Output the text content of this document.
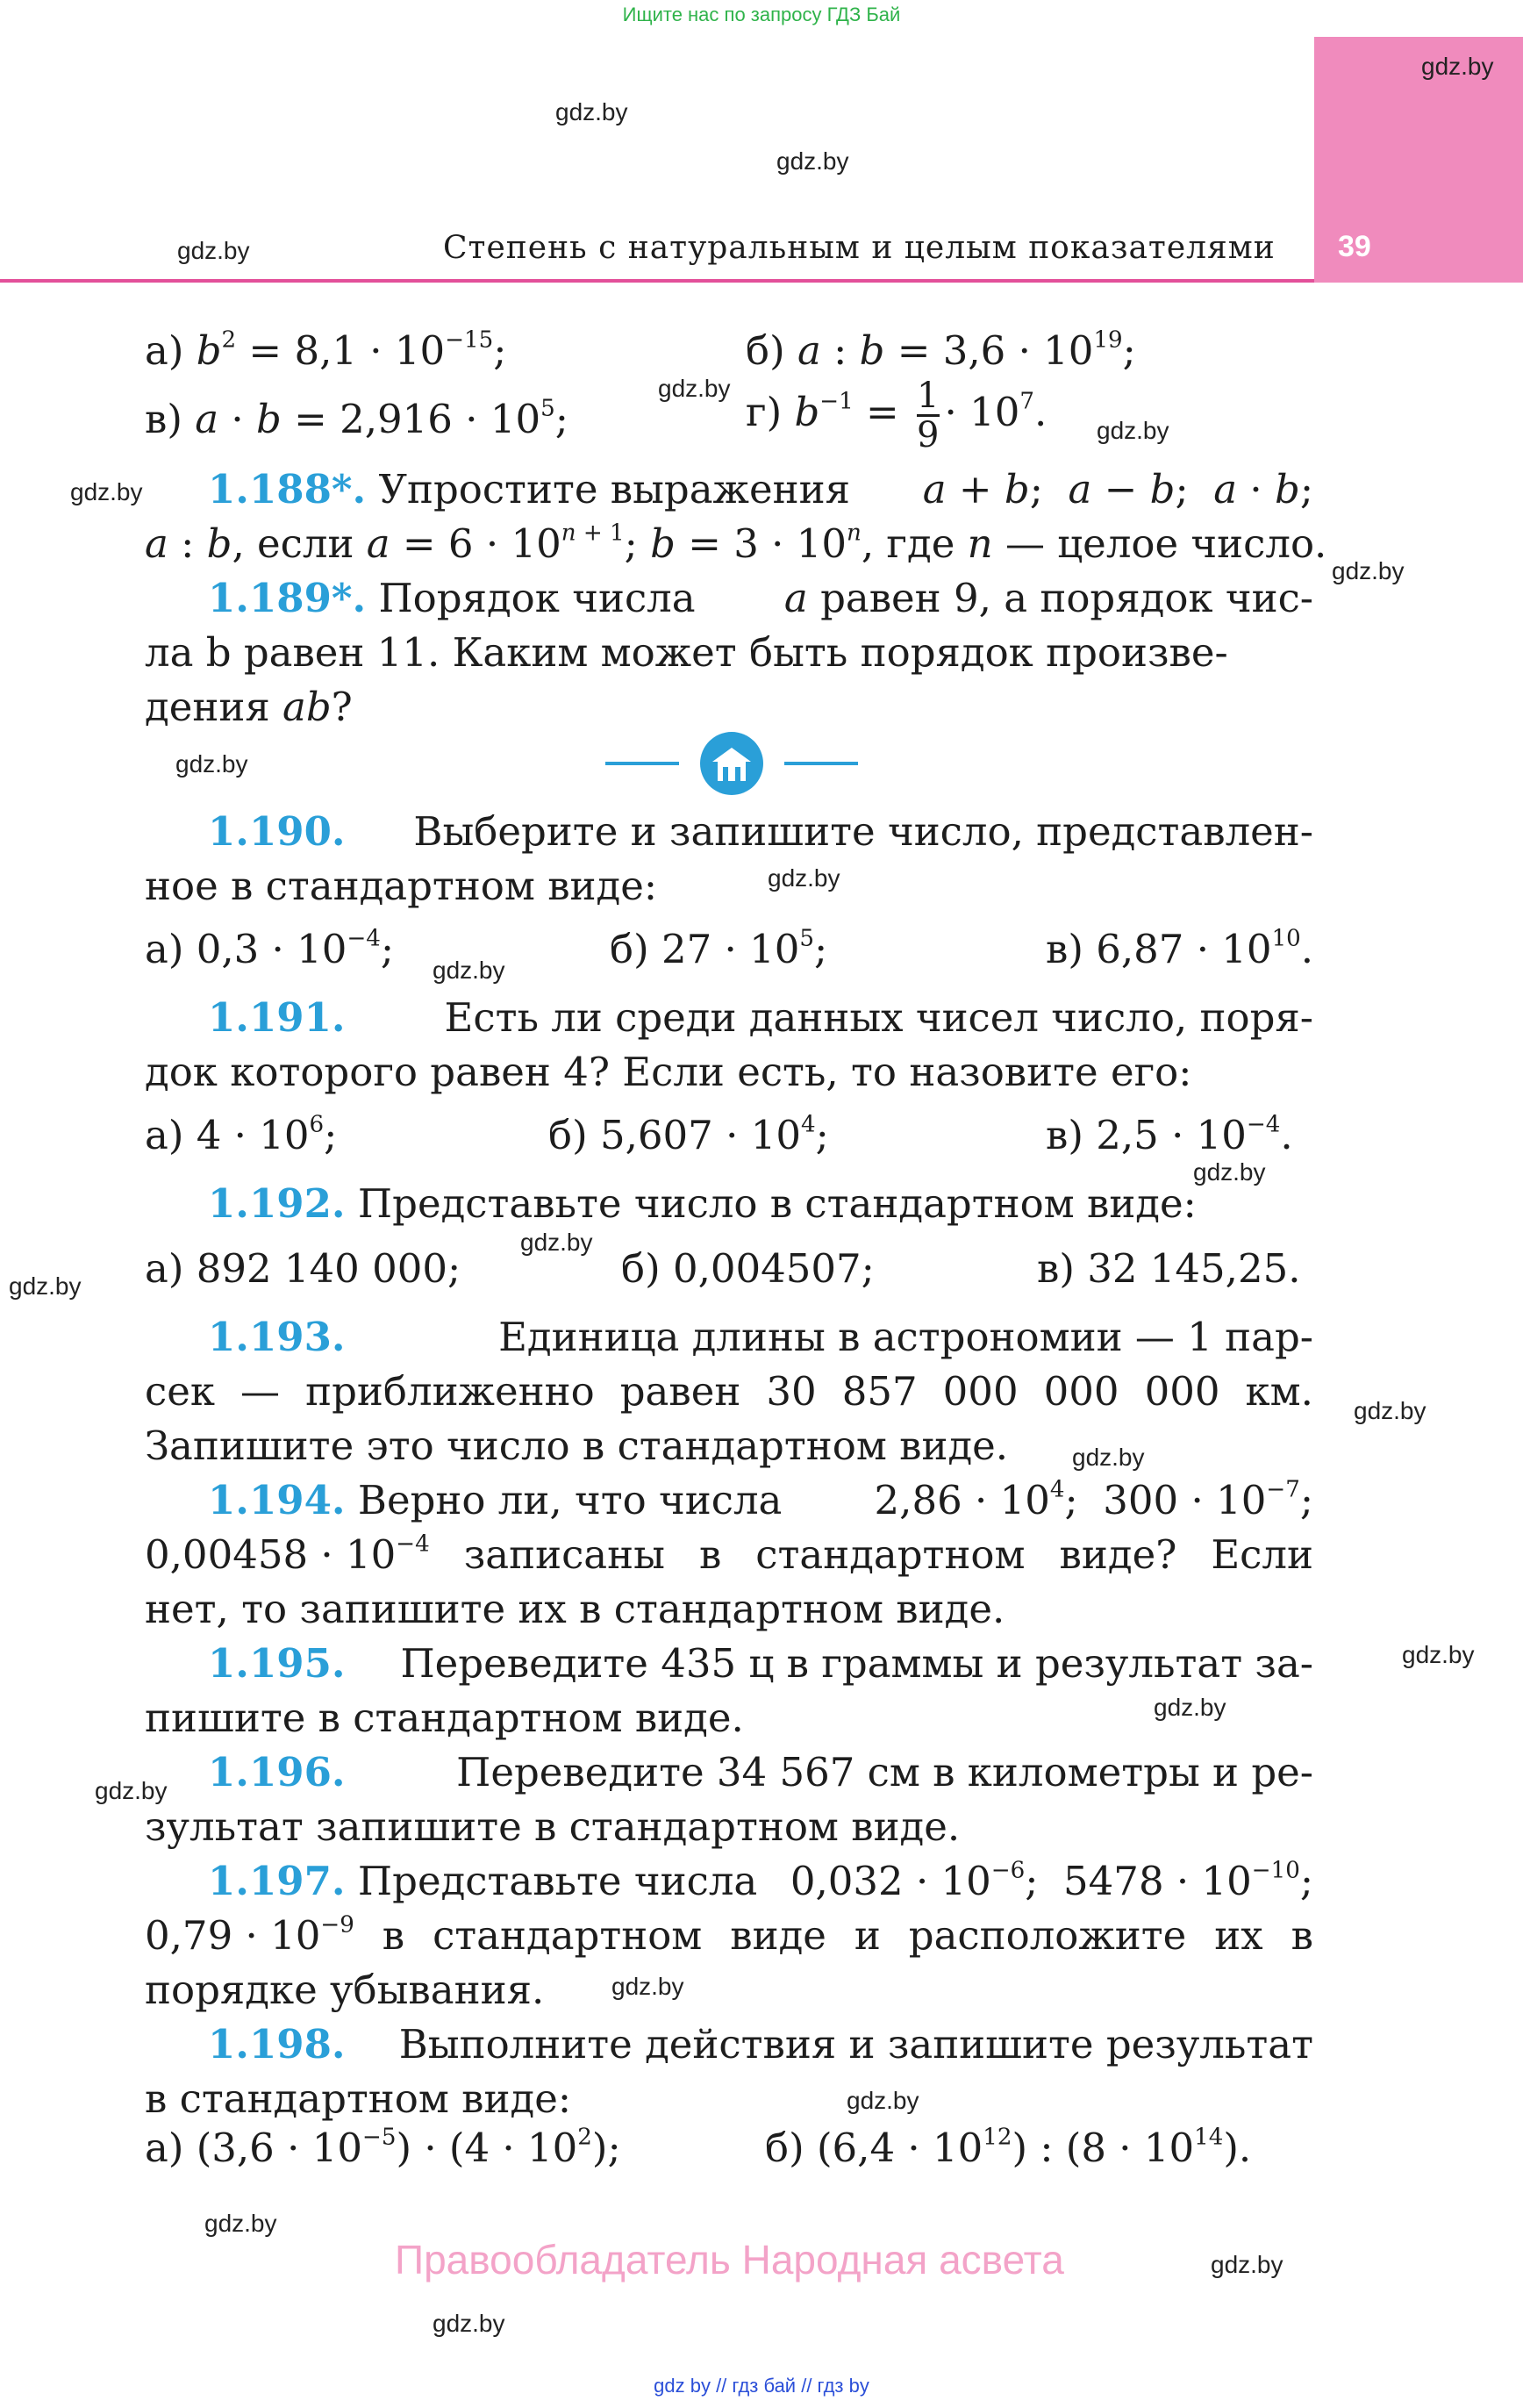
Ищите нас по запросу ГДЗ Бай
39
Степень с натуральным и целым показателями
gdz.by
gdz.by
gdz.by
gdz.by
gdz.by
gdz.by
gdz.by
gdz.by
gdz.by
gdz.by
gdz.by
gdz.by
gdz.by
gdz.by
gdz.by
gdz.by
gdz.by
gdz.by
gdz.by
gdz.by
gdz.by
gdz.by
gdz.by
gdz.by
а) $b^2 = 8,1 \cdot 10^{-15}$;	б) a : $b = 3,6 \cdot 10^{19}$;
в) $a \cdot b = 2,916 \cdot 10^5$;	г) $b^{-1} = \frac{1}{9} \cdot 10^7$.
1.188*. Упростите выражения a + b;  a − b;  a · b;
a : b, если $a = 6 \cdot 10^{n + 1}$; $b = 3 \cdot 10^n$, где n — целое число.
1.189*. Порядок числа a равен 9, а порядок чис-
ла b равен 11. Каким может быть порядок произве-
дения ab?
1.190. Выберите и запишите число, представлен-
ное в стандартном виде:
а) $0,3 \cdot 10^{-4}$;	б) $27 \cdot 10^5$;	в) $6,87 \cdot 10^{10}$.
1.191.	Есть ли среди данных чисел число, поря-
док которого равен 4? Если есть, то назовите его:
а) $4 \cdot 10^6$;	б) $5,607 \cdot 10^4$;	в) $2,5 \cdot 10^{-4}$.
1.192. Представьте число в стандартном виде:
а) 892 140 000;	б) 0,004507;	в) 32 145,25.
1.193.	Единица длины в астрономии — 1 пар-
сек — приближенно равен 30 857 000 000 000 км.
Запишите это число в стандартном виде.
1.194. Верно ли, что числа $2,86 \cdot 10^4$;  $300 \cdot 10^{-7}$;
$0,00458 \cdot 10^{-4}$ записаны в стандартном виде? Если
нет, то запишите их в стандартном виде.
1.195. Переведите 435 ц в граммы и результат за-
пишите в стандартном виде.
1.196.	Переведите 34 567 см в километры и ре-
зультат запишите в стандартном виде.
1.197. Представьте числа $0,032 \cdot 10^{-6}$;  $5478 \cdot 10^{-10}$;
$0,79 \cdot 10^{-9}$ в стандартном виде и расположите их в
порядке убывания.
1.198. Выполните действия и запишите результат
в стандартном виде:
а) $(3,6 \cdot 10^{-5}) \cdot (4 \cdot 10^2)$;	б) $(6,4 \cdot 10^{12})$ : $(8 \cdot 10^{14})$.
Правообладатель Народная асвета
gdz by // гдз бай // гдз by
